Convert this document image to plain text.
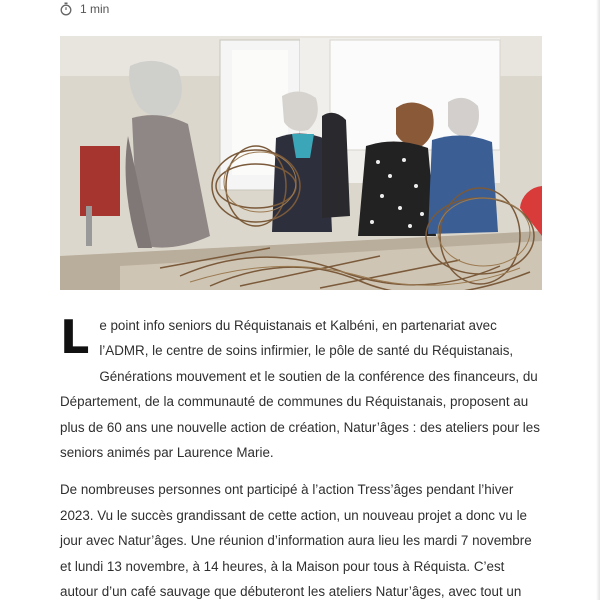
1 min

Le point info seniors du Réquistanais et Kalbéni, en partenariat avec l’ADMR, le centre de soins infirmier, le pôle de santé du Réquistanais, Générations mouvement et le soutien de la conférence des financeurs, du Département, de la communauté de communes du Réquistanais, proposent au plus de 60 ans une nouvelle action de création, Natur’âges : des ateliers pour les seniors animés par Laurence Marie.

De nombreuses personnes ont participé à l’action Tress’âges pendant l’hiver 2023. Vu le succès grandissant de cette action, un nouveau projet a donc vu le jour avec Natur’âges. Une réunion d’information aura lieu les mardi 7 novembre et lundi 13 novembre, à 14 heures, à la Maison pour tous à Réquista. C’est autour d’un café sauvage que débuteront les ateliers Natur’âges, avec tout un
